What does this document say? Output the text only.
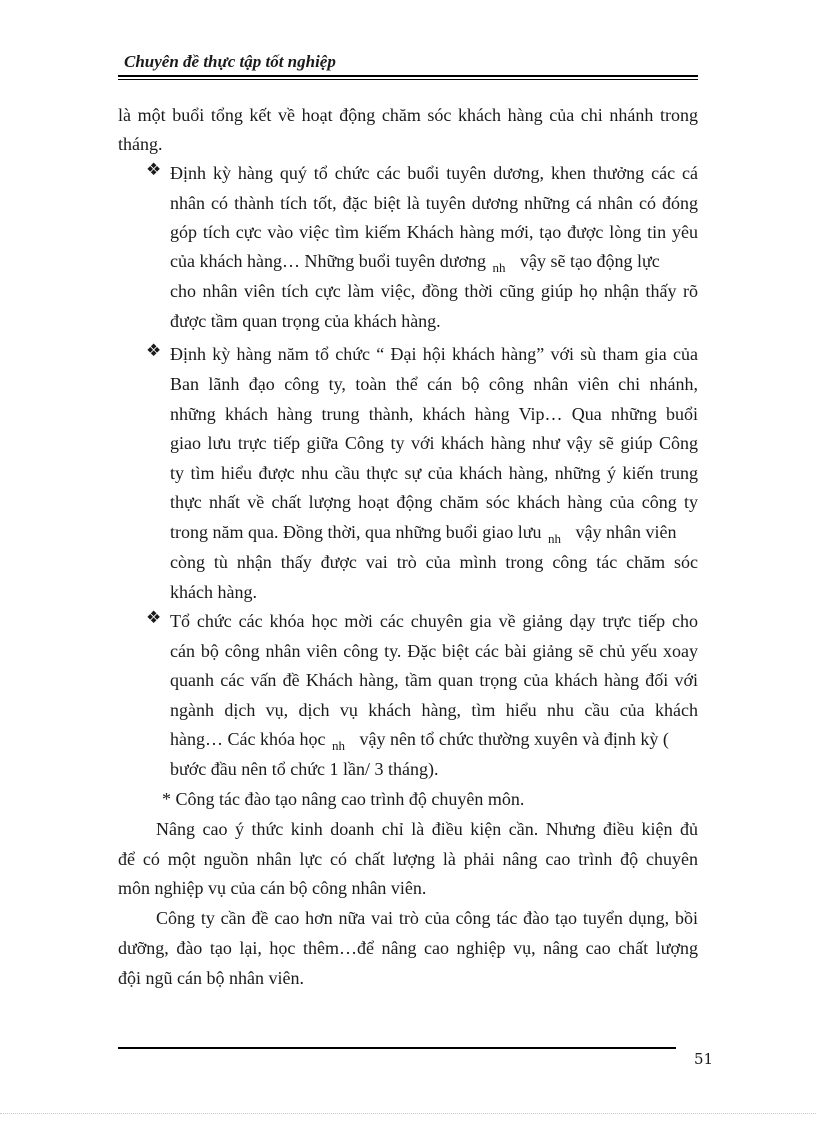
Chuyên đề thực tập tốt nghiệp
là một buổi tổng kết về hoạt động chăm sóc khách hàng của chi nhánh trong
tháng.
❖ Định kỳ hàng quý tổ chức các buổi tuyên dương, khen thưởng các cá
nhân có thành tích tốt, đặc biệt là tuyên dương những cá nhân có đóng
góp tích cực vào việc tìm kiếm Khách hàng mới, tạo được lòng tin yêu
của khách hàng… Những buổi tuyên dương $_{nh}$ vậy sẽ tạo động lực
cho nhân viên tích cực làm việc, đồng thời cũng giúp họ nhận thấy rõ
được tầm quan trọng của khách hàng.
❖ Định kỳ hàng năm tổ chức “ Đại hội khách hàng” với sù tham gia của
Ban lãnh đạo công ty, toàn thể cán bộ công nhân viên chi nhánh,
những khách hàng trung thành, khách hàng Vip… Qua những buổi
giao lưu trực tiếp giữa Công ty với khách hàng như vậy sẽ giúp Công
ty tìm hiểu được nhu cầu thực sự của khách hàng, những ý kiến trung
thực nhất về chất lượng hoạt động chăm sóc khách hàng của công ty
trong năm qua. Đồng thời, qua những buổi giao lưu $_{nh}$ vậy nhân viên
còng tù nhận thấy được vai trò của mình trong công tác chăm sóc
khách hàng.
❖ Tổ chức các khóa học mời các chuyên gia về giảng dạy trực tiếp cho
cán bộ công nhân viên công ty. Đặc biệt các bài giảng sẽ chủ yếu xoay
quanh các vấn đề Khách hàng, tầm quan trọng của khách hàng đối với
ngành dịch vụ, dịch vụ khách hàng, tìm hiểu nhu cầu của khách
hàng… Các khóa học $_{nh}$ vậy nên tổ chức thường xuyên và định kỳ (
bước đầu nên tổ chức 1 lần/ 3 tháng).
* Công tác đào tạo nâng cao trình độ chuyên môn.
Nâng cao ý thức kinh doanh chỉ là điều kiện cần. Nhưng điều kiện đủ
để có một nguồn nhân lực có chất lượng là phải nâng cao trình độ chuyên
môn nghiệp vụ của cán bộ công nhân viên.
Công ty cần đề cao hơn nữa vai trò của công tác đào tạo tuyển dụng, bồi
dưỡng, đào tạo lại, học thêm…để nâng cao nghiệp vụ, nâng cao chất lượng
đội ngũ cán bộ nhân viên.
51
